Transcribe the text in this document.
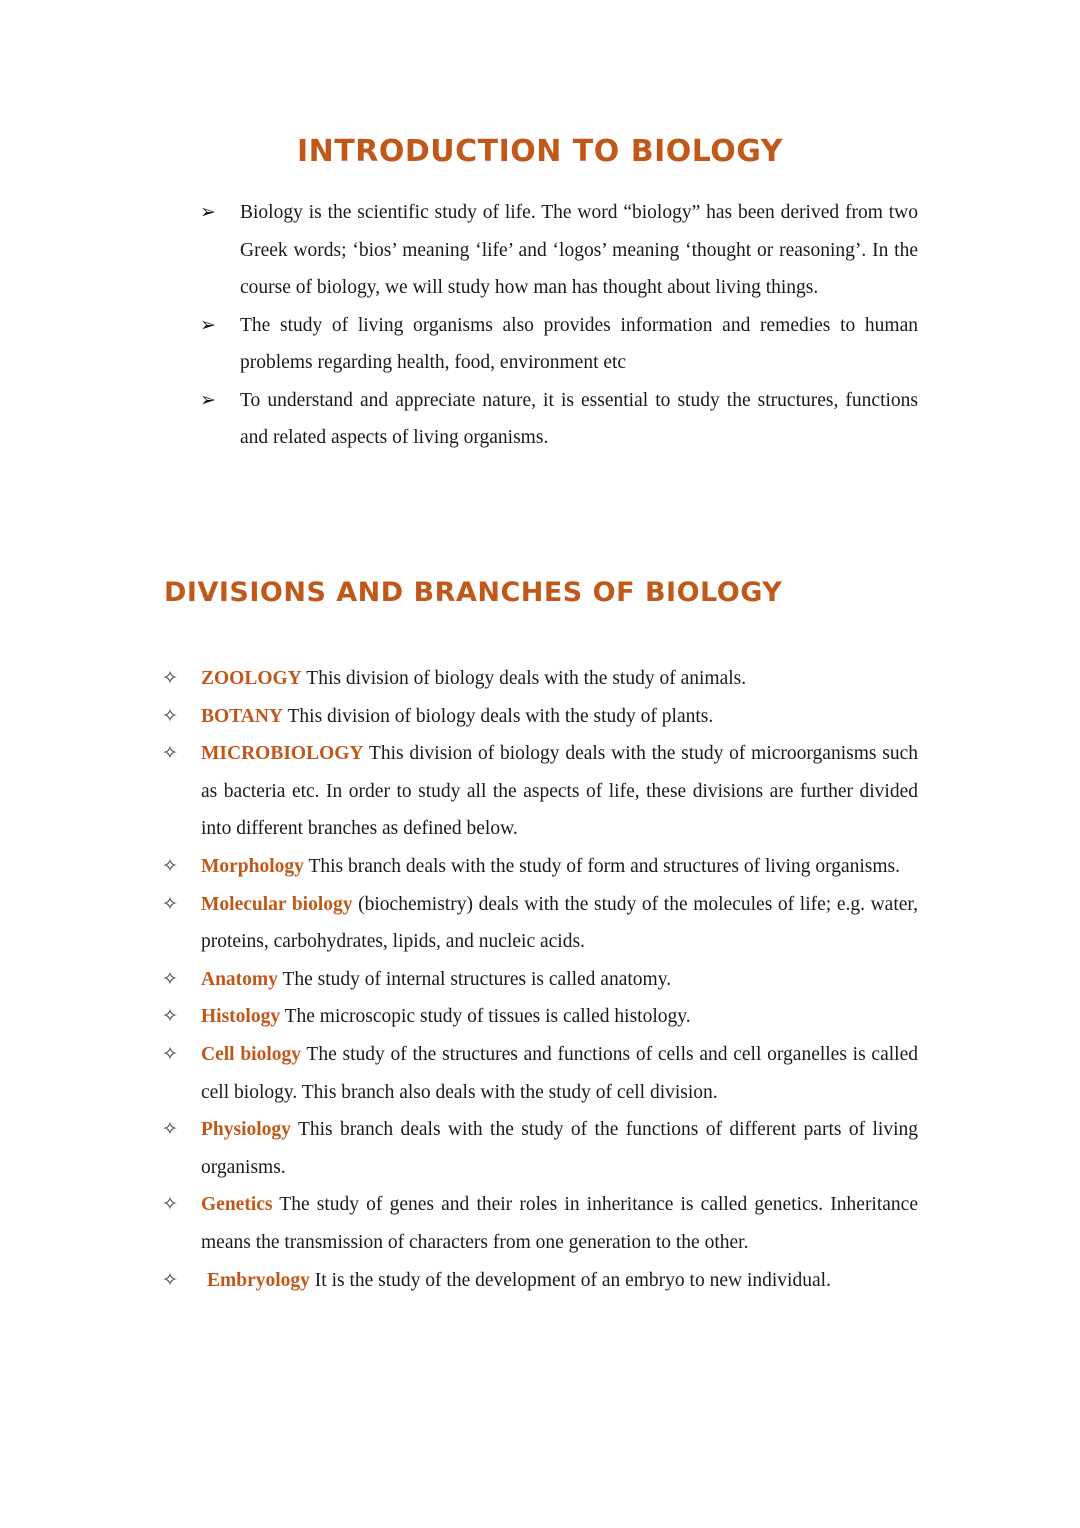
INTRODUCTION TO BIOLOGY
➢ Biology is the scientific study of life. The word “biology” has been derived from two Greek words; ‘bios’ meaning ‘life’ and ‘logos’ meaning ‘thought or reasoning’. In the course of biology, we will study how man has thought about living things.
➢ The study of living organisms also provides information and remedies to human problems regarding health, food, environment etc
➢ To understand and appreciate nature, it is essential to study the structures, functions and related aspects of living organisms.
DIVISIONS AND BRANCHES OF BIOLOGY
✧ ZOOLOGY This division of biology deals with the study of animals.
✧ BOTANY This division of biology deals with the study of plants.
✧ MICROBIOLOGY This division of biology deals with the study of microorganisms such as bacteria etc. In order to study all the aspects of life, these divisions are further divided into different branches as defined below.
✧ Morphology This branch deals with the study of form and structures of living organisms.
✧ Molecular biology (biochemistry) deals with the study of the molecules of life; e.g. water, proteins, carbohydrates, lipids, and nucleic acids.
✧ Anatomy The study of internal structures is called anatomy.
✧ Histology The microscopic study of tissues is called histology.
✧ Cell biology The study of the structures and functions of cells and cell organelles is called cell biology. This branch also deals with the study of cell division.
✧ Physiology This branch deals with the study of the functions of different parts of living organisms.
✧ Genetics The study of genes and their roles in inheritance is called genetics. Inheritance means the transmission of characters from one generation to the other.
✧ Embryology It is the study of the development of an embryo to new individual.
